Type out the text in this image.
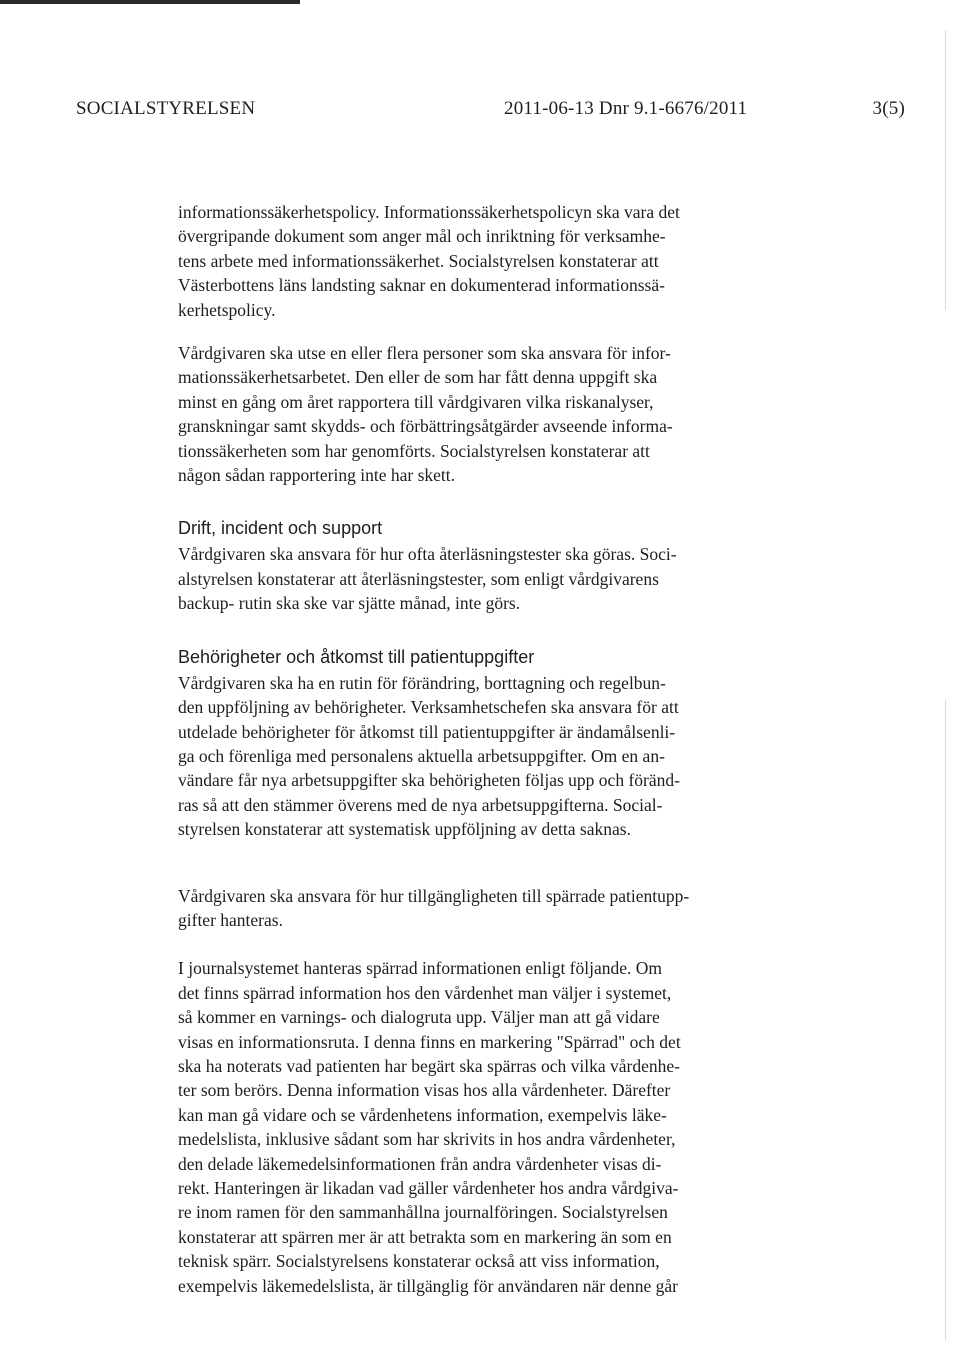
SOCIALSTYRELSEN	2011-06-13 Dnr 9.1-6676/2011	3(5)

informationssäkerhetspolicy. Informationssäkerhetspolicyn ska vara det
övergripande dokument som anger mål och inriktning för verksamhe-
tens arbete med informationssäkerhet. Socialstyrelsen konstaterar att
Västerbottens läns landsting saknar en dokumenterad informationssä-
kerhetspolicy.

Vårdgivaren ska utse en eller flera personer som ska ansvara för infor-
mationssäkerhetsarbetet. Den eller de som har fått denna uppgift ska
minst en gång om året rapportera till vårdgivaren vilka riskanalyser,
granskningar samt skydds- och förbättringsåtgärder avseende informa-
tionssäkerheten som har genomförts. Socialstyrelsen konstaterar att
någon sådan rapportering inte har skett.

Drift, incident och support

Vårdgivaren ska ansvara för hur ofta återläsningstester ska göras. Soci-
alstyrelsen konstaterar att återläsningstester, som enligt vårdgivarens
backup- rutin ska ske var sjätte månad, inte görs.

Behörigheter och åtkomst till patientuppgifter

Vårdgivaren ska ha en rutin för förändring, borttagning och regelbun-
den uppföljning av behörigheter. Verksamhetschefen ska ansvara för att
utdelade behörigheter för åtkomst till patientuppgifter är ändamålsenli-
ga och förenliga med personalens aktuella arbetsuppgifter. Om en an-
vändare får nya arbetsuppgifter ska behörigheten följas upp och föränd-
ras så att den stämmer överens med de nya arbetsuppgifterna. Social-
styrelsen konstaterar att systematisk uppföljning av detta saknas.

Vårdgivaren ska ansvara för hur tillgängligheten till spärrade patientupp-
gifter hanteras.

I journalsystemet hanteras spärrad informationen enligt följande. Om
det finns spärrad information hos den vårdenhet man väljer i systemet,
så kommer en varnings- och dialogruta upp. Väljer man att gå vidare
visas en informationsruta. I denna finns en markering "Spärrad" och det
ska ha noterats vad patienten har begärt ska spärras och vilka vårdenhe-
ter som berörs. Denna information visas hos alla vårdenheter. Därefter
kan man gå vidare och se vårdenhetens information, exempelvis läke-
medelslista, inklusive sådant som har skrivits in hos andra vårdenheter,
den delade läkemedelsinformationen från andra vårdenheter visas di-
rekt. Hanteringen är likadan vad gäller vårdenheter hos andra vårdgiva-
re inom ramen för den sammanhållna journalföringen. Socialstyrelsen
konstaterar att spärren mer är att betrakta som en markering än som en
teknisk spärr. Socialstyrelsens konstaterar också att viss information,
exempelvis läkemedelslista, är tillgänglig för användaren när denne går
